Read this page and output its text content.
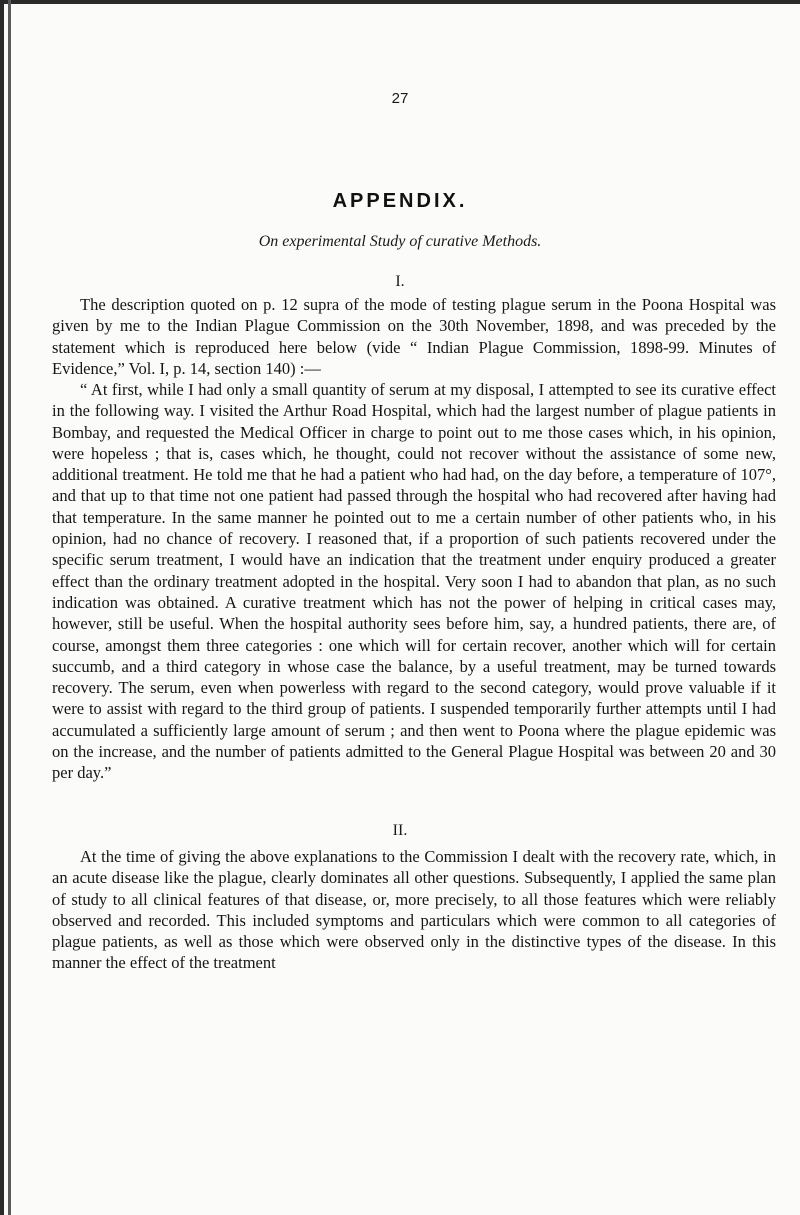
27
APPENDIX.
On experimental Study of curative Methods.
I.

The description quoted on p. 12 supra of the mode of testing plague serum in the Poona Hospital was given by me to the Indian Plague Commission on the 30th November, 1898, and was preceded by the statement which is reproduced here below (vide “ Indian Plague Commission, 1898-99. Minutes of Evidence,” Vol. I, p. 14, section 140) :—

“ At first, while I had only a small quantity of serum at my disposal, I attempted to see its curative effect in the following way. I visited the Arthur Road Hospital, which had the largest number of plague patients in Bombay, and requested the Medical Officer in charge to point out to me those cases which, in his opinion, were hopeless ; that is, cases which, he thought, could not recover without the assistance of some new, additional treatment. He told me that he had a patient who had had, on the day before, a temperature of 107°, and that up to that time not one patient had passed through the hospital who had recovered after having had that temperature. In the same manner he pointed out to me a certain number of other patients who, in his opinion, had no chance of recovery. I reasoned that, if a proportion of such patients recovered under the specific serum treatment, I would have an indication that the treatment under enquiry produced a greater effect than the ordinary treatment adopted in the hospital. Very soon I had to abandon that plan, as no such indication was obtained. A curative treatment which has not the power of helping in critical cases may, however, still be useful. When the hospital authority sees before him, say, a hundred patients, there are, of course, amongst them three categories : one which will for certain recover, another which will for certain succumb, and a third category in whose case the balance, by a useful treatment, may be turned towards recovery. The serum, even when powerless with regard to the second category, would prove valuable if it were to assist with regard to the third group of patients. I suspended temporarily further attempts until I had accumulated a sufficiently large amount of serum ; and then went to Poona where the plague epidemic was on the increase, and the number of patients admitted to the General Plague Hospital was between 20 and 30 per day.”

II.

At the time of giving the above explanations to the Commission I dealt with the recovery rate, which, in an acute disease like the plague, clearly dominates all other questions. Subsequently, I applied the same plan of study to all clinical features of that disease, or, more precisely, to all those features which were reliably observed and recorded. This included symptoms and particulars which were common to all categories of plague patients, as well as those which were observed only in the distinctive types of the disease. In this manner the effect of the treatment
